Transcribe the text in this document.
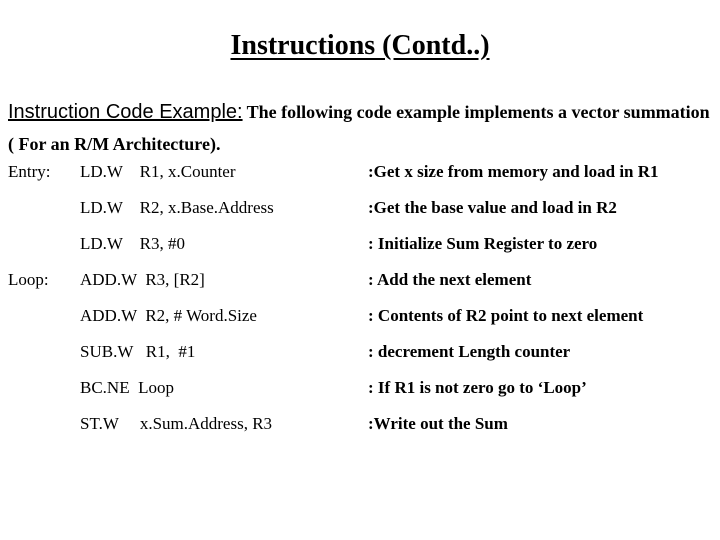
Instructions (Contd..)
Instruction Code Example: The following code example implements a vector summation ( For an R/M Architecture).
Entry: LD.W    R1, x.Counter	:Get x size from memory and load in R1
LD.W    R2, x.Base.Address	:Get the base value and load in R2
LD.W    R3, #0	: Initialize Sum Register to zero
Loop: ADD.W  R3, [R2]	: Add the next element
ADD.W  R2, # Word.Size	: Contents of R2 point to next element
SUB.W   R1,  #1	: decrement Length counter
BC.NE  Loop	: If R1 is not zero go to ‘Loop’
ST.W     x.Sum.Address, R3	:Write out the Sum
